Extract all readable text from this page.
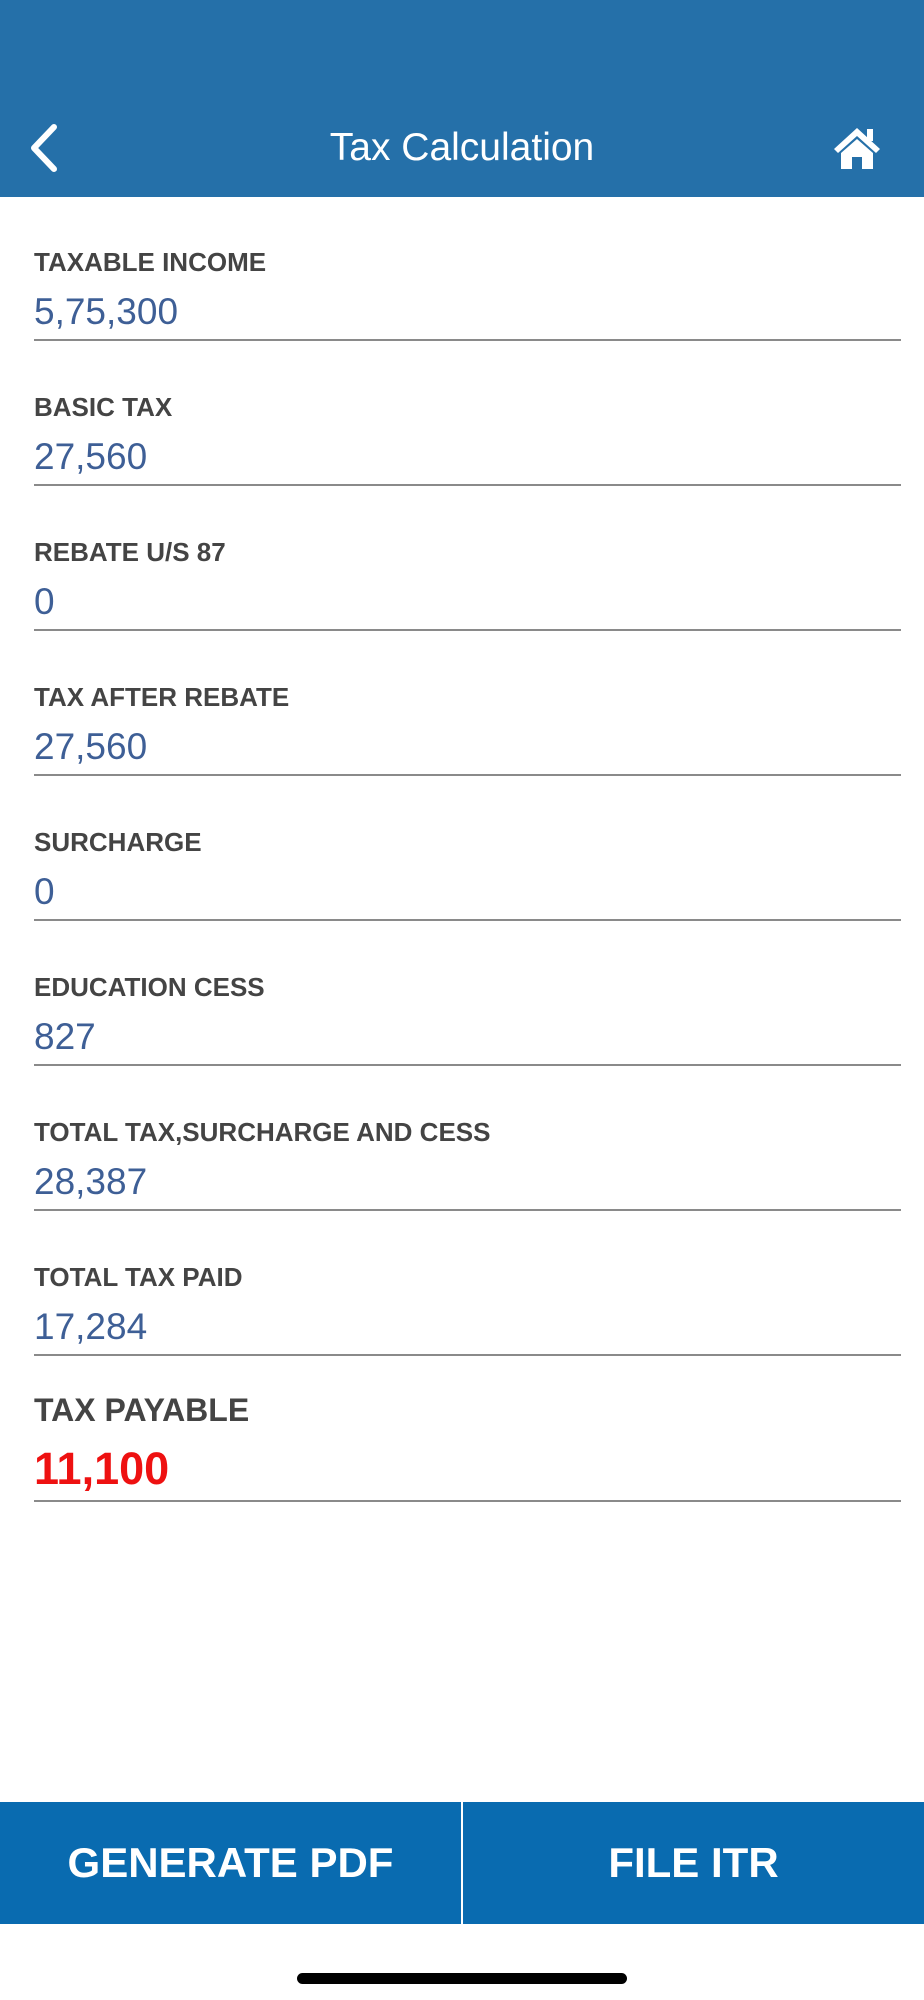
Tax Calculation
TAXABLE INCOME
5,75,300
BASIC TAX
27,560
REBATE U/S 87
0
TAX AFTER REBATE
27,560
SURCHARGE
0
EDUCATION CESS
827
TOTAL TAX,SURCHARGE AND CESS
28,387
TOTAL TAX PAID
17,284
TAX PAYABLE
11,100
GENERATE PDF	FILE ITR
